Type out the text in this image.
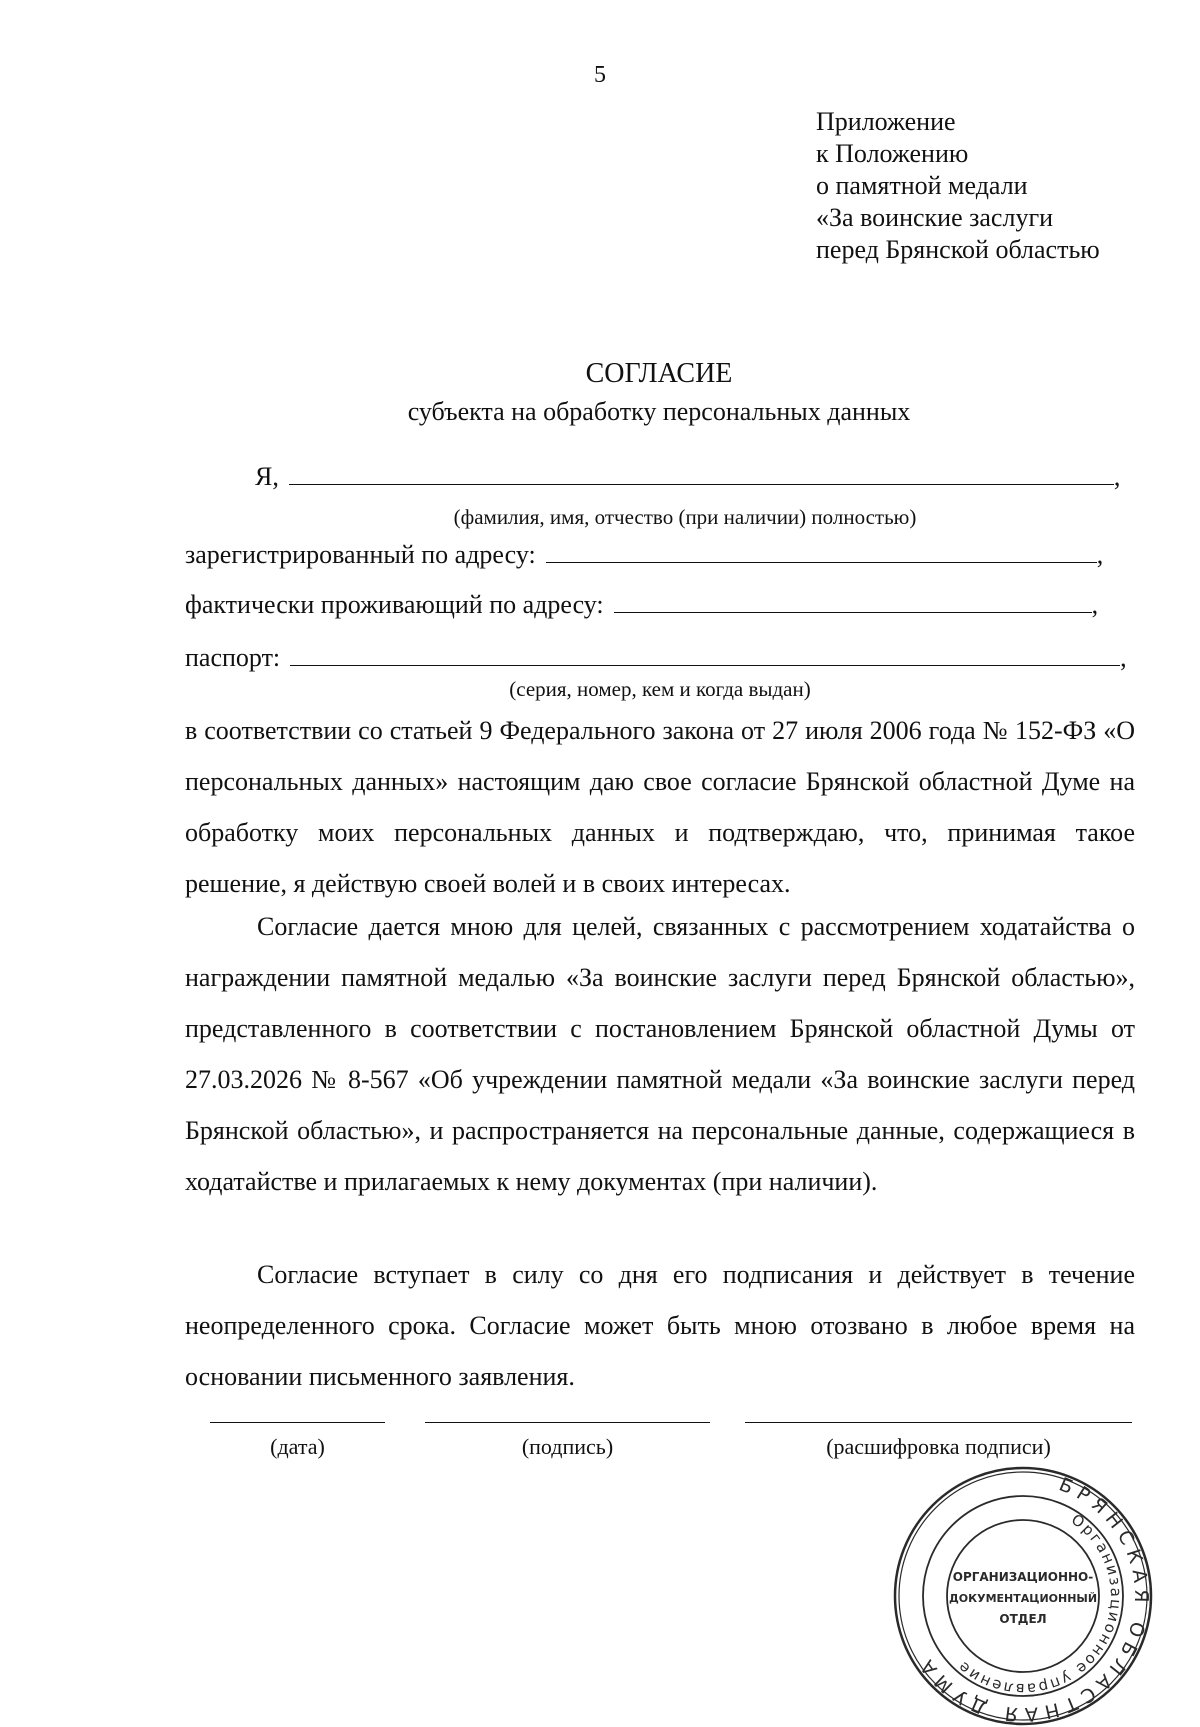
5
Приложение
к Положению
о памятной медали
«За воинские заслуги
перед Брянской областью
СОГЛАСИЕ
субъекта на обработку персональных данных
Я,	,
(фамилия, имя, отчество (при наличии) полностью)
зарегистрированный по адресу:	,
фактически проживающий по адресу:	,
паспорт:	,
(серия, номер, кем и когда выдан)
в соответствии со статьей 9 Федерального закона от 27 июля 2006 года № 152-ФЗ «О персональных данных» настоящим даю свое согласие Брянской областной Думе на обработку моих персональных данных и подтверждаю, что, принимая такое решение, я действую своей волей и в своих интересах.
Согласие дается мною для целей, связанных с рассмотрением ходатайства о награждении памятной медалью «За воинские заслуги перед Брянской областью», представленного в соответствии с постановлением Брянской областной Думы от 27.03.2026 № 8-567 «Об учреждении памятной медали «За воинские заслуги перед Брянской областью», и распространяется на персональные данные, содержащиеся в ходатайстве и прилагаемых к нему документах (при наличии).
Согласие вступает в силу со дня его подписания и действует в течение неопределенного срока. Согласие может быть мною отозвано в любое время на основании письменного заявления.
(дата)	(подпись)	(расшифровка подписи)
БРЯНСКАЯ ОБЛАСТНАЯ ДУМА
Организационное управление
ОРГАНИЗАЦИОННО-
ДОКУМЕНТАЦИОННЫЙ
ОТДЕЛ
